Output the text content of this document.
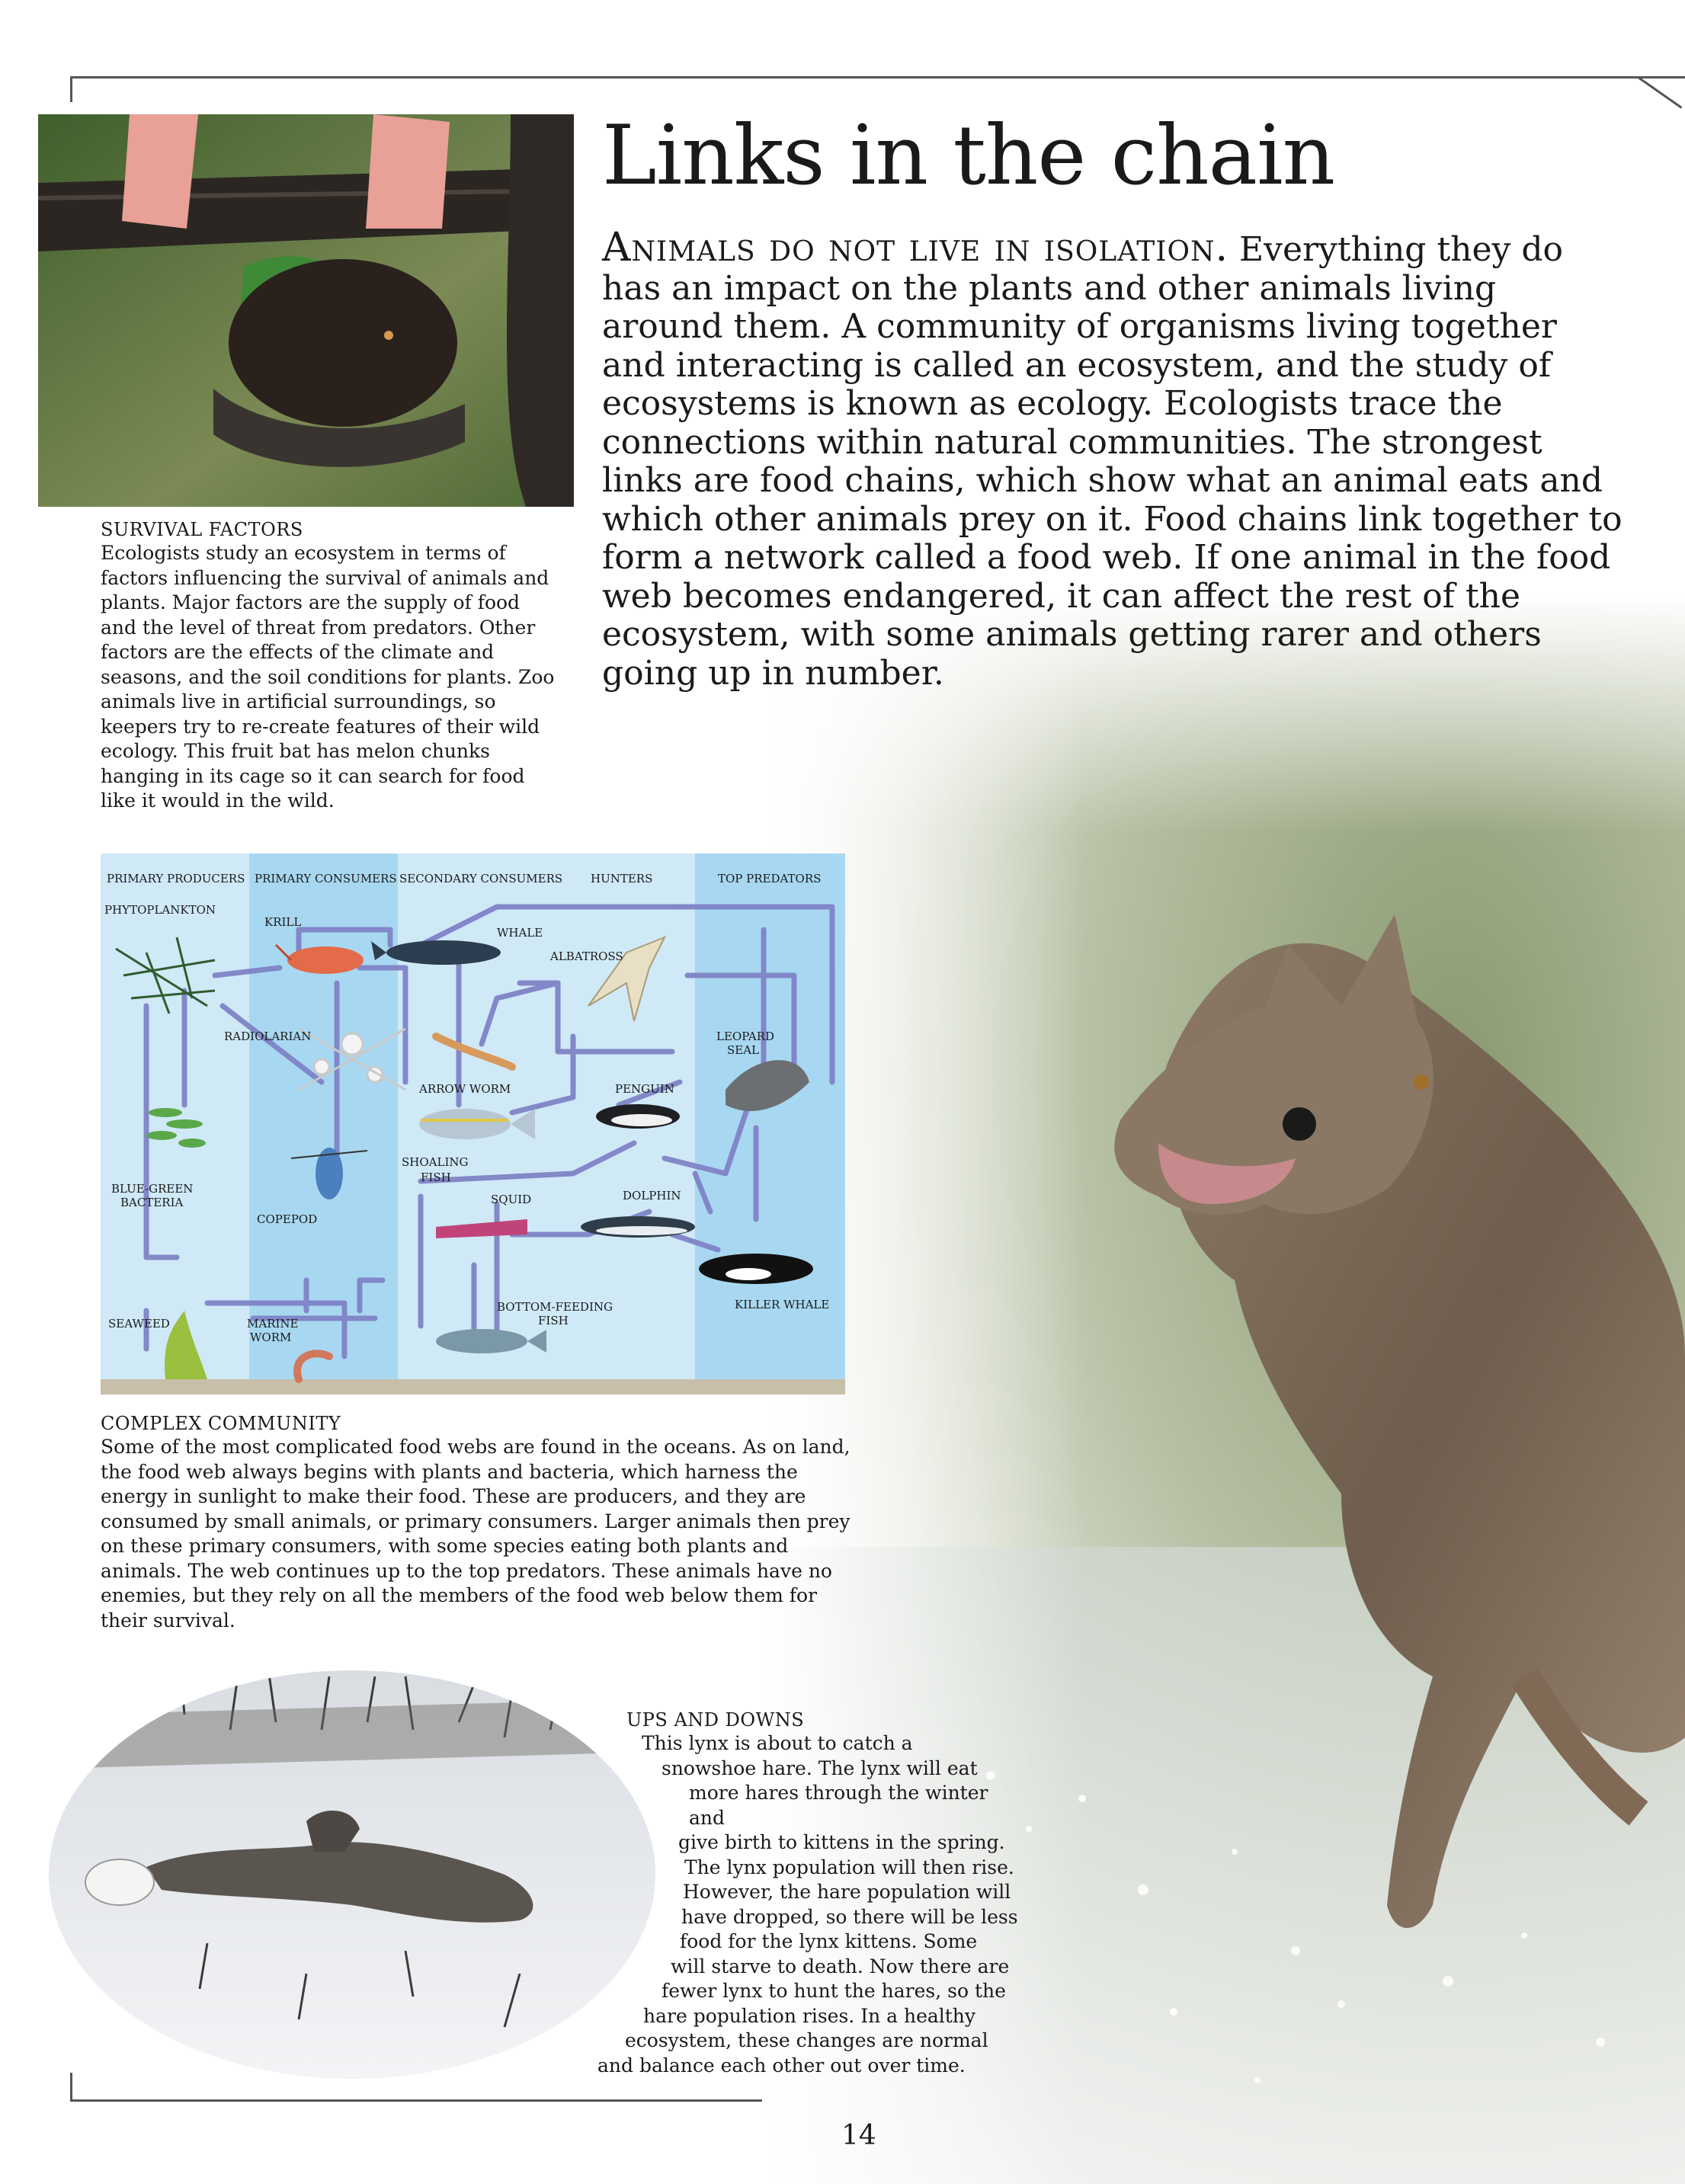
Links in the chain

Animals do not live in isolation. Everything they do has an impact on the plants and other animals living around them. A community of organisms living together and interacting is called an ecosystem, and the study of ecosystems is known as ecology. Ecologists trace the connections within natural communities. The strongest links are food chains, which show what an animal eats and which other animals prey on it. Food chains link together to form a network called a food web. If one animal in the food web becomes endangered, it can affect the rest of the ecosystem, with some animals getting rarer and others going up in number.

SURVIVAL FACTORS
Ecologists study an ecosystem in terms of factors influencing the survival of animals and plants. Major factors are the supply of food and the level of threat from predators. Other factors are the effects of the climate and seasons, and the soil conditions for plants. Zoo animals live in artificial surroundings, so keepers try to re-create features of their wild ecology. This fruit bat has melon chunks hanging in its cage so it can search for food like it would in the wild.
PRIMARY PRODUCERS PRIMARY CONSUMERS SECONDARY CONSUMERS HUNTERS	TOP PREDATORS
PHYTOPLANKTON
KRILL
WHALE
ALBATROSS
RADIOLARIAN	LEOPARD
SEAL
ARROW WORM	PENGUIN
SHOALING
FISH
BLUE-GREEN
BACTERIA	SQUID	DOLPHIN
COPEPOD
KILLER WHALE
BOTTOM-FEEDING
FISH
SEAWEED	MARINE
WORM
COMPLEX COMMUNITY
Some of the most complicated food webs are found in the oceans. As on land, the food web always begins with plants and bacteria, which harness the energy in sunlight to make their food. These are producers, and they are consumed by small animals, or primary consumers. Larger animals then prey on these primary consumers, with some species eating both plants and animals. The web continues up to the top predators. These animals have no enemies, but they rely on all the members of the food web below them for their survival.
UPS AND DOWNS
This lynx is about to catch a
snowshoe hare. The lynx will eat
more hares through the winter and
give birth to kittens in the spring.
The lynx population will then rise.
However, the hare population will
have dropped, so there will be less
food for the lynx kittens. Some
will starve to death. Now there are
fewer lynx to hunt the hares, so the
hare population rises. In a healthy
ecosystem, these changes are normal
and balance each other out over time.
14
